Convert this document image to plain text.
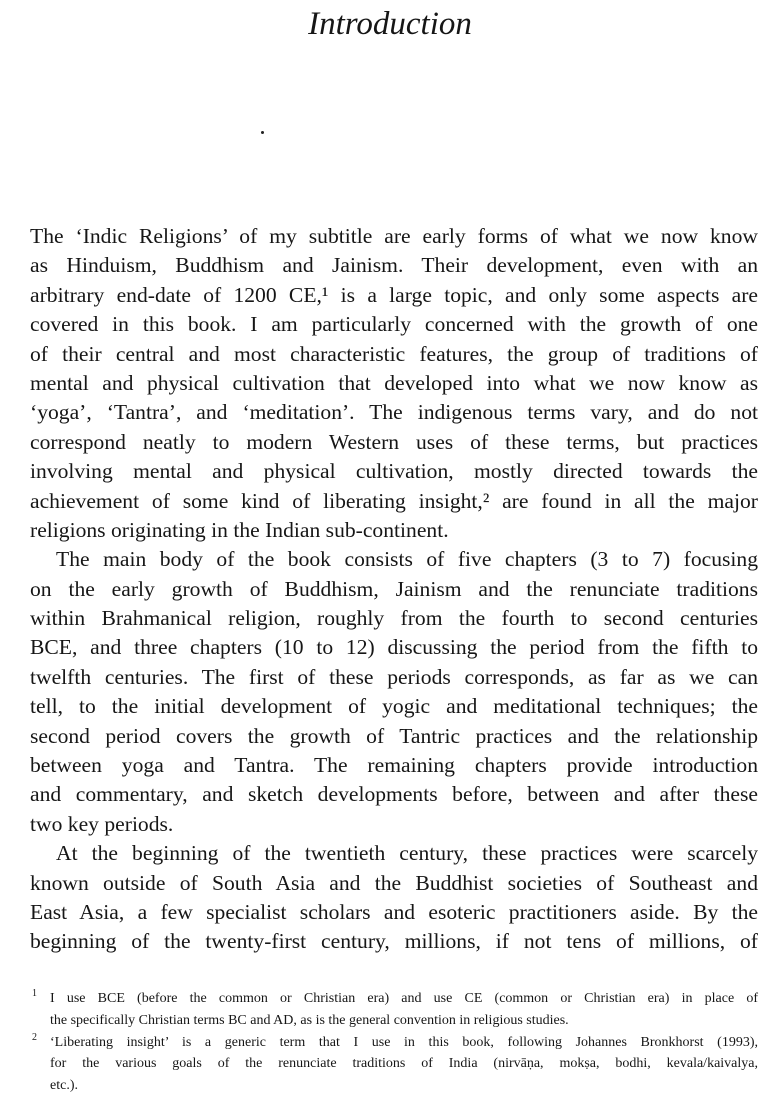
Introduction
The ‘Indic Religions’ of my subtitle are early forms of what we now know
as Hinduism, Buddhism and Jainism. Their development, even with an
arbitrary end-date of 1200 CE,¹ is a large topic, and only some aspects are
covered in this book. I am particularly concerned with the growth of one
of their central and most characteristic features, the group of traditions of
mental and physical cultivation that developed into what we now know as
‘yoga’, ‘Tantra’, and ‘meditation’. The indigenous terms vary, and do not
correspond neatly to modern Western uses of these terms, but practices
involving mental and physical cultivation, mostly directed towards the
achievement of some kind of liberating insight,² are found in all the major
religions originating in the Indian sub-continent.
The main body of the book consists of five chapters (3 to 7) focusing
on the early growth of Buddhism, Jainism and the renunciate traditions
within Brahmanical religion, roughly from the fourth to second centuries
BCE, and three chapters (10 to 12) discussing the period from the fifth to
twelfth centuries. The first of these periods corresponds, as far as we can
tell, to the initial development of yogic and meditational techniques; the
second period covers the growth of Tantric practices and the relationship
between yoga and Tantra. The remaining chapters provide introduction
and commentary, and sketch developments before, between and after these
two key periods.
At the beginning of the twentieth century, these practices were scarcely
known outside of South Asia and the Buddhist societies of Southeast and
East Asia, a few specialist scholars and esoteric practitioners aside. By the
beginning of the twenty-first century, millions, if not tens of millions, of
1 I use BCE (before the common or Christian era) and use CE (common or Christian era) in place of
the specifically Christian terms BC and AD, as is the general convention in religious studies.
2 ‘Liberating insight’ is a generic term that I use in this book, following Johannes Bronkhorst (1993),
for the various goals of the renunciate traditions of India (nirvāṇa, mokṣa, bodhi, kevala/kaivalya,
etc.).
